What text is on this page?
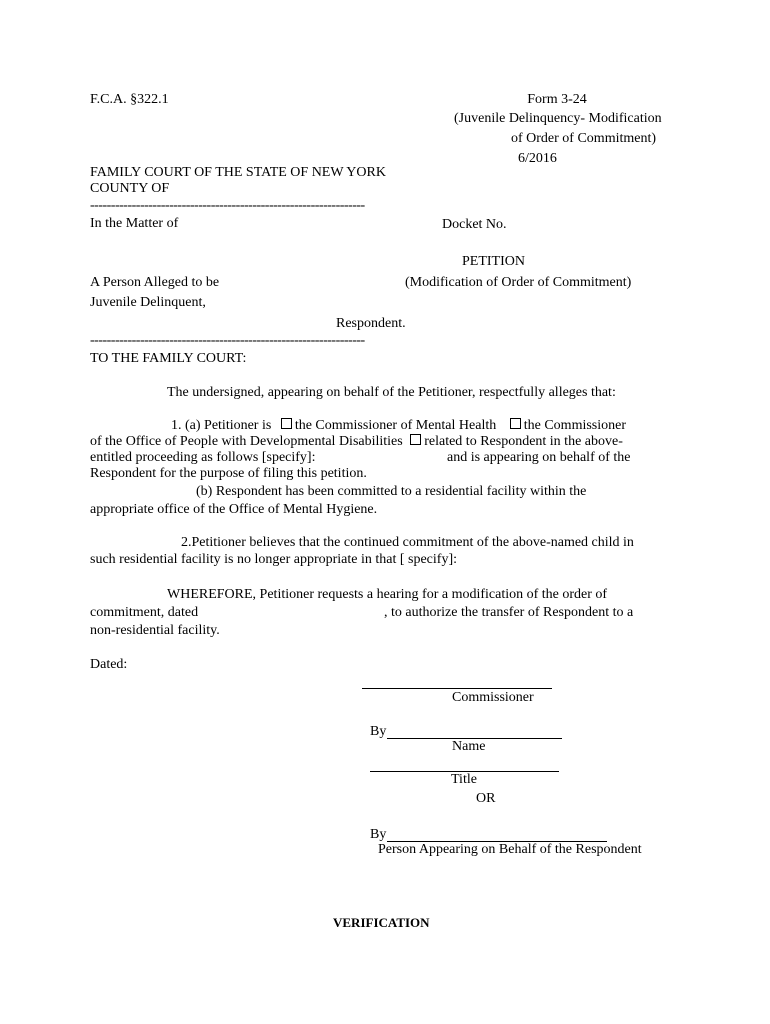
F.C.A. §322.1	Form 3-24
(Juvenile Delinquency- Modification
of Order of Commitment)
6/2016
FAMILY COURT OF THE STATE OF NEW YORK
COUNTY OF
------------------------------------------------------------------
In the Matter of	Docket No.
PETITION
A Person Alleged to be	(Modification of Order of Commitment)
Juvenile Delinquent,
Respondent.
------------------------------------------------------------------
TO THE FAMILY COURT:
The undersigned, appearing on behalf of the Petitioner, respectfully alleges that:
1. (a) Petitioner is the Commissioner of Mental Health the Commissioner
of the Office of People with Developmental Disabilities related to Respondent in the above-
entitled proceeding as follows [specify]:	and is appearing on behalf of the
Respondent for the purpose of filing this petition.
(b) Respondent has been committed to a residential facility within the
appropriate office of the Office of Mental Hygiene.
2.Petitioner believes that the continued commitment of the above-named child in
such residential facility is no longer appropriate in that [ specify]:
WHEREFORE, Petitioner requests a hearing for a modification of the order of
commitment, dated	, to authorize the transfer of Respondent to a
non-residential facility.
Dated:
Commissioner
By
Name
Title
OR
By
Person Appearing on Behalf of the Respondent
VERIFICATION
